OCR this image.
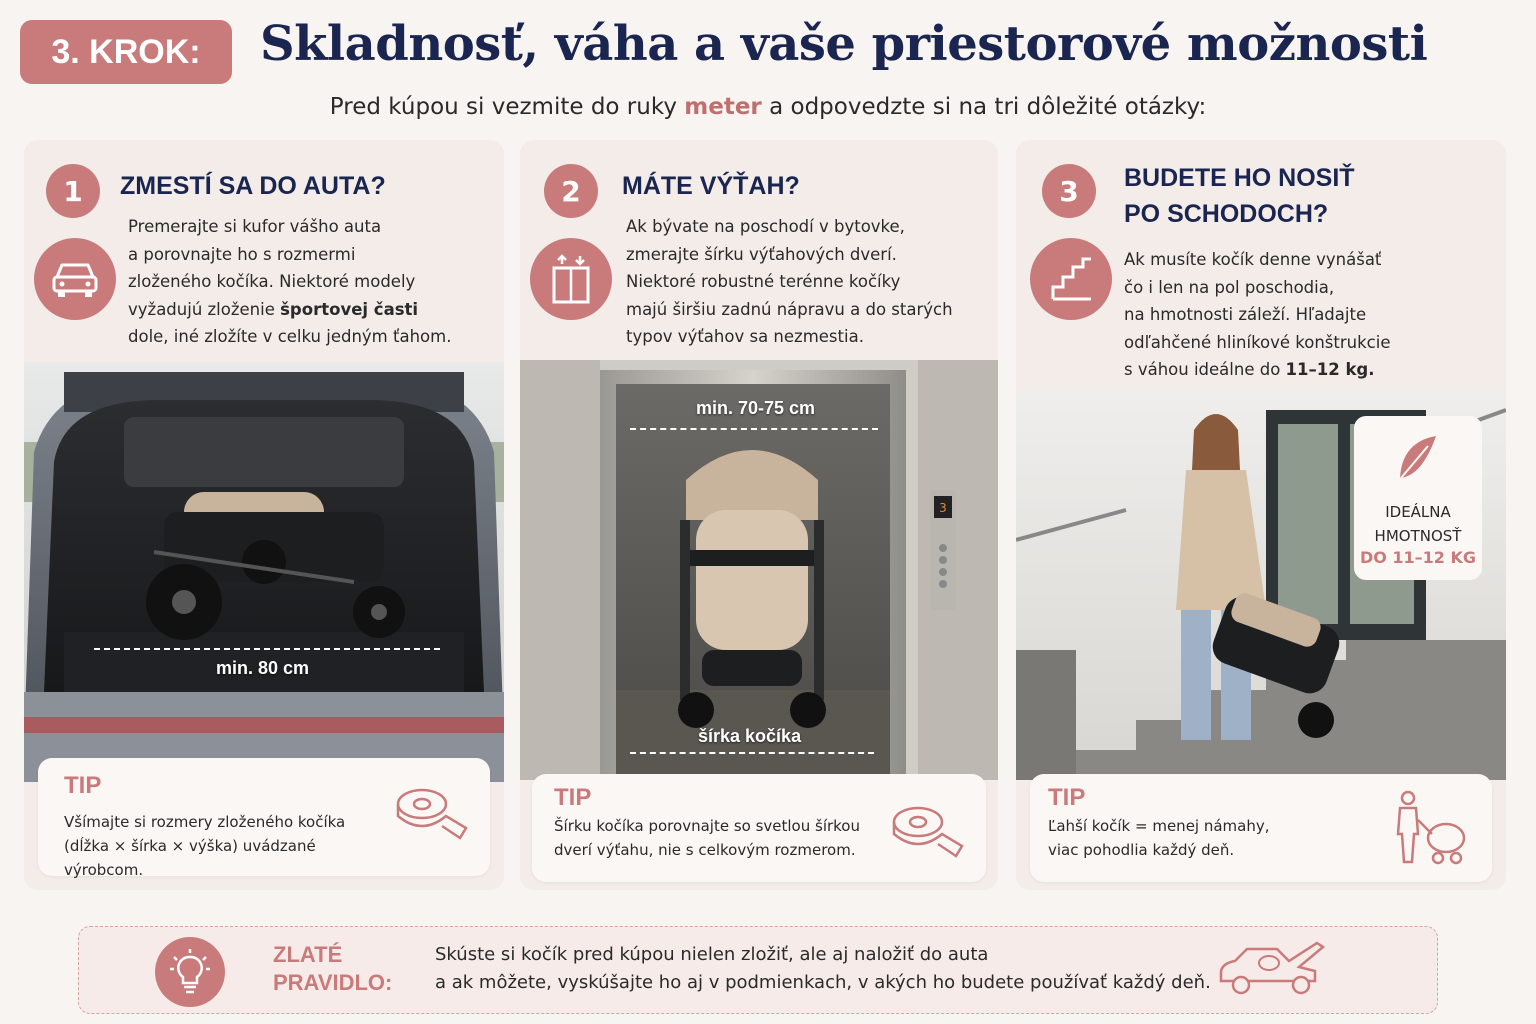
3. KROK:	Skladnosť, váha a vaše priestorové možnosti
Pred kúpou si vezmite do ruky meter a odpovedzte si na tri dôležité otázky:
1	ZMESTÍ SA DO AUTA?
Premerajte si kufor vášho auta
a porovnajte ho s rozmermi
zloženého kočíka. Niektoré modely
vyžadujú zloženie športovej časti
dole, iné zložíte v celku jedným ťahom.
min. 80 cm
TIP
Všímajte si rozmery zloženého kočíka
(dĺžka × šírka × výška) uvádzané výrobcom.
2	MÁTE VÝŤAH?
Ak bývate na poschodí v bytovke,
zmerajte šírku výťahových dverí.
Niektoré robustné terénne kočíky
majú širšiu zadnú nápravu a do starých
typov výťahov sa nezmestia.
3
min. 70-75 cm
šírka kočíka
TIP
Šírku kočíka porovnajte so svetlou šírkou
dverí výťahu, nie s celkovým rozmerom.
3	BUDETE HO NOSIŤ
PO SCHODOCH?
Ak musíte kočík denne vynášať
čo i len na pol poschodia,
na hmotnosti záleží. Hľadajte
odľahčené hliníkové konštrukcie
s váhou ideálne do 11–12 kg.
IDEÁLNA
HMOTNOSŤ
DO 11–12 KG
TIP
Ľahší kočík = menej námahy,
viac pohodlia každý deň.
ZLATÉ
PRAVIDLO:
Skúste si kočík pred kúpou nielen zložiť, ale aj naložiť do auta
a ak môžete, vyskúšajte ho aj v podmienkach, v akých ho budete používať každý deň.
